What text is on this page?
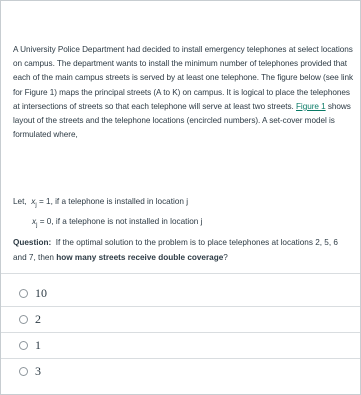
A University Police Department had decided to install emergency telephones at select locations on campus. The department wants to install the minimum number of telephones provided that each of the main campus streets is served by at least one telephone. The figure below (see link for Figure 1) maps the principal streets (A to K) on campus. It is logical to place the telephones at intersections of streets so that each telephone will serve at least two streets. Figure 1 shows layout of the streets and the telephone locations (encircled numbers). A set-cover model is formulated where,
Let, $x_j = 1$, if a telephone is installed in location j
$x_j = 0$, if a telephone is not installed in location j
Question: If the optimal solution to the problem is to place telephones at locations 2, 5, 6 and 7, then how many streets receive double coverage?
10
2
1
3
